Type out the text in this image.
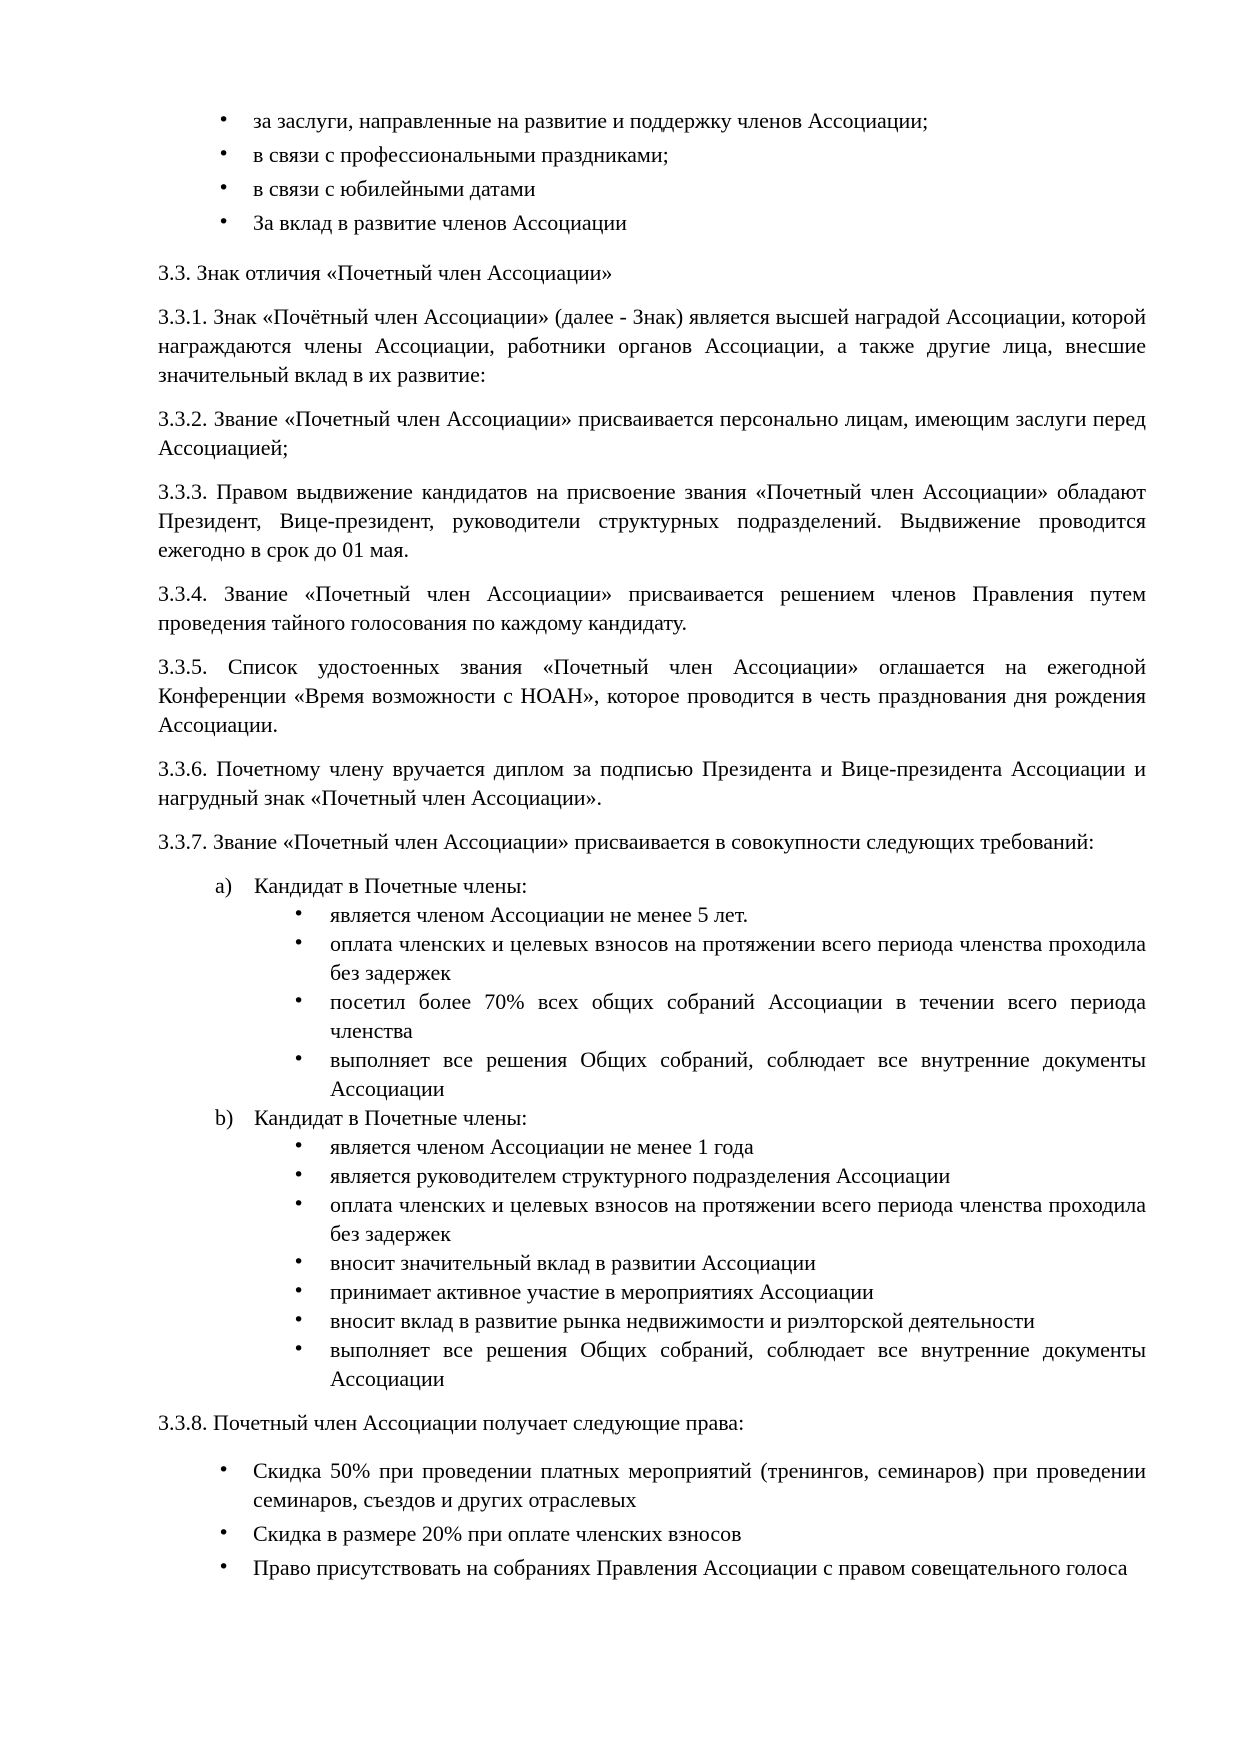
• за заслуги, направленные на развитие и поддержку членов Ассоциации;
• в связи с профессиональными праздниками;
• в связи с юбилейными датами
• За вклад в развитие членов Ассоциации

3.3. Знак отличия «Почетный член Ассоциации»

3.3.1. Знак «Почётный член Ассоциации» (далее - Знак) является высшей наградой Ассоциации, которой награждаются члены Ассоциации, работники органов Ассоциации, а также другие лица, внесшие значительный вклад в их развитие:

3.3.2. Звание «Почетный член Ассоциации» присваивается персонально лицам, имеющим заслуги перед Ассоциацией;

3.3.3. Правом выдвижение кандидатов на присвоение звания «Почетный член Ассоциации» обладают Президент, Вице-президент, руководители структурных подразделений. Выдвижение проводится ежегодно в срок до 01 мая.

3.3.4. Звание «Почетный член Ассоциации» присваивается решением членов Правления путем проведения тайного голосования по каждому кандидату.

3.3.5. Список удостоенных звания «Почетный член Ассоциации» оглашается на ежегодной Конференции «Время возможности с НОАН», которое проводится в честь празднования дня рождения Ассоциации.

3.3.6. Почетному члену вручается диплом за подписью Президента и Вице-президента Ассоциации и нагрудный знак «Почетный член Ассоциации».

3.3.7. Звание «Почетный член Ассоциации» присваивается в совокупности следующих требований:

a) Кандидат в Почетные члены:
• является членом Ассоциации не менее 5 лет.
• оплата членских и целевых взносов на протяжении всего периода членства проходила без задержек
• посетил более 70% всех общих собраний Ассоциации в течении всего периода членства
• выполняет все решения Общих собраний, соблюдает все внутренние документы Ассоциации
b) Кандидат в Почетные члены:
• является членом Ассоциации не менее 1 года
• является руководителем структурного подразделения Ассоциации
• оплата членских и целевых взносов на протяжении всего периода членства проходила без задержек
• вносит значительный вклад в развитии Ассоциации
• принимает активное участие в мероприятиях Ассоциации
• вносит вклад в развитие рынка недвижимости и риэлторской деятельности
• выполняет все решения Общих собраний, соблюдает все внутренние документы Ассоциации

3.3.8. Почетный член Ассоциации получает следующие права:

• Скидка 50% при проведении платных мероприятий (тренингов, семинаров) при проведении семинаров, съездов и других отраслевых
• Скидка в размере 20% при оплате членских взносов
• Право присутствовать на собраниях Правления Ассоциации с правом совещательного голоса
